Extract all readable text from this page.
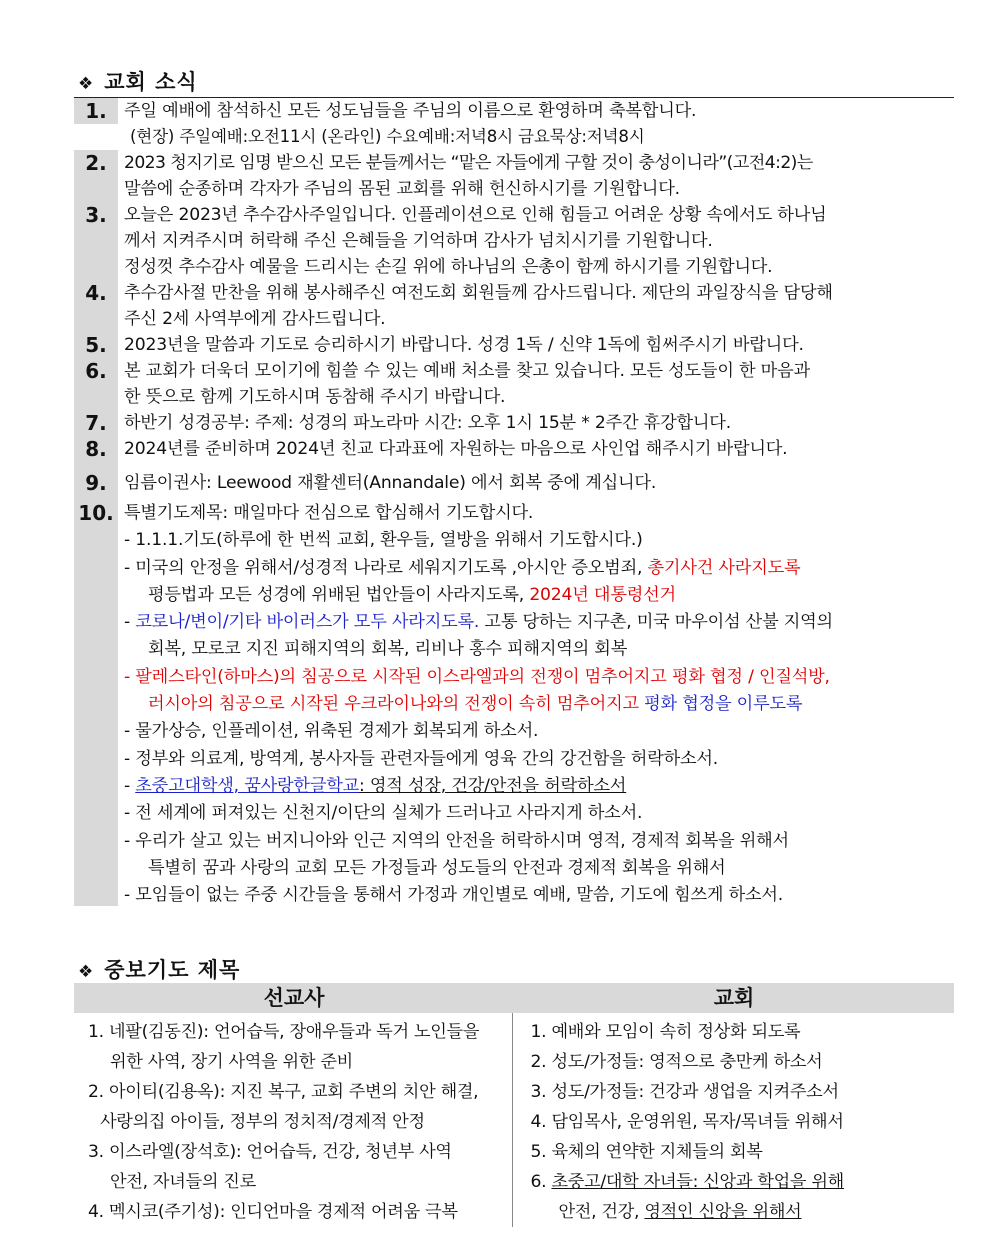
❖ 교회 소식
1.	주일 예배에 참석하신 모든 성도님들을 주님의 이름으로 환영하며 축복합니다.
(현장) 주일예배:오전11시 (온라인) 수요예배:저녁8시 금요묵상:저녁8시
2.	2023 청지기로 임명 받으신 모든 분들께서는 “맡은 자들에게 구할 것이 충성이니라”(고전4:2)는
말씀에 순종하며 각자가 주님의 몸된 교회를 위해 헌신하시기를 기원합니다.
3.	오늘은 2023년 추수감사주일입니다. 인플레이션으로 인해 힘들고 어려운 상황 속에서도 하나님
께서 지켜주시며 허락해 주신 은혜들을 기억하며 감사가 넘치시기를 기원합니다.
정성껏 추수감사 예물을 드리시는 손길 위에 하나님의 은총이 함께 하시기를 기원합니다.
4.	추수감사절 만찬을 위해 봉사해주신 여전도회 회원들께 감사드립니다. 제단의 과일장식을 담당해
주신 2세 사역부에게 감사드립니다.
5.	2023년을 말씀과 기도로 승리하시기 바랍니다. 성경 1독 / 신약 1독에 힘써주시기 바랍니다.
6.	본 교회가 더욱더 모이기에 힘쓸 수 있는 예배 처소를 찾고 있습니다. 모든 성도들이 한 마음과
한 뜻으로 함께 기도하시며 동참해 주시기 바랍니다.
7.	하반기 성경공부: 주제: 성경의 파노라마 시간: 오후 1시 15분 * 2주간 휴강합니다.
8.	2024년를 준비하며 2024년 친교 다과표에 자원하는 마음으로 사인업 해주시기 바랍니다.
9.	임름이권사: Leewood 재활센터(Annandale) 에서 회복 중에 계십니다.
10. 특별기도제목: 매일마다 전심으로 합심해서 기도합시다.
- 1.1.1.기도(하루에 한 번씩 교회, 환우들, 열방을 위해서 기도합시다.)
- 미국의 안정을 위해서/성경적 나라로 세워지기도록 ,아시안 증오범죄, 총기사건 사라지도록
평등법과 모든 성경에 위배된 법안들이 사라지도록, 2024년 대통령선거
- 코로나/변이/기타 바이러스가 모두 사라지도록. 고통 당하는 지구촌, 미국 마우이섬 산불 지역의
회복, 모로코 지진 피해지역의 회복, 리비나 홍수 피해지역의 회복
- 팔레스타인(하마스)의 침공으로 시작된 이스라엘과의 전쟁이 멈추어지고 평화 협정 / 인질석방,
러시아의 침공으로 시작된 우크라이나와의 전쟁이 속히 멈추어지고 평화 협정을 이루도록
- 물가상승, 인플레이션, 위축된 경제가 회복되게 하소서.
- 정부와 의료계, 방역계, 봉사자들 관련자들에게 영육 간의 강건함을 허락하소서.
- 초중고대학생, 꿈사랑한글학교: 영적 성장, 건강/안전을 허락하소서
- 전 세계에 퍼져있는 신천지/이단의 실체가 드러나고 사라지게 하소서.
- 우리가 살고 있는 버지니아와 인근 지역의 안전을 허락하시며 영적, 경제적 회복을 위해서
특별히 꿈과 사랑의 교회 모든 가정들과 성도들의 안전과 경제적 회복을 위해서
- 모임들이 없는 주중 시간들을 통해서 가정과 개인별로 예배, 말씀, 기도에 힘쓰게 하소서.
❖ 중보기도 제목
선교사	교회
1. 네팔(김동진): 언어습득, 장애우들과 독거 노인들을
위한 사역, 장기 사역을 위한 준비
2. 아이티(김용옥): 지진 복구, 교회 주변의 치안 해결,
사랑의집 아이들, 정부의 정치적/경제적 안정
3. 이스라엘(장석호): 언어습득, 건강, 청년부 사역
안전, 자녀들의 진로
4. 멕시코(주기성): 인디언마을 경제적 어려움 극복
1. 예배와 모임이 속히 정상화 되도록
2. 성도/가정들: 영적으로 충만케 하소서
3. 성도/가정들: 건강과 생업을 지켜주소서
4. 담임목사, 운영위원, 목자/목녀들 위해서
5. 육체의 연약한 지체들의 회복
6. 초중고/대학 자녀들: 신앙과 학업을 위해
안전, 건강, 영적인 신앙을 위해서
